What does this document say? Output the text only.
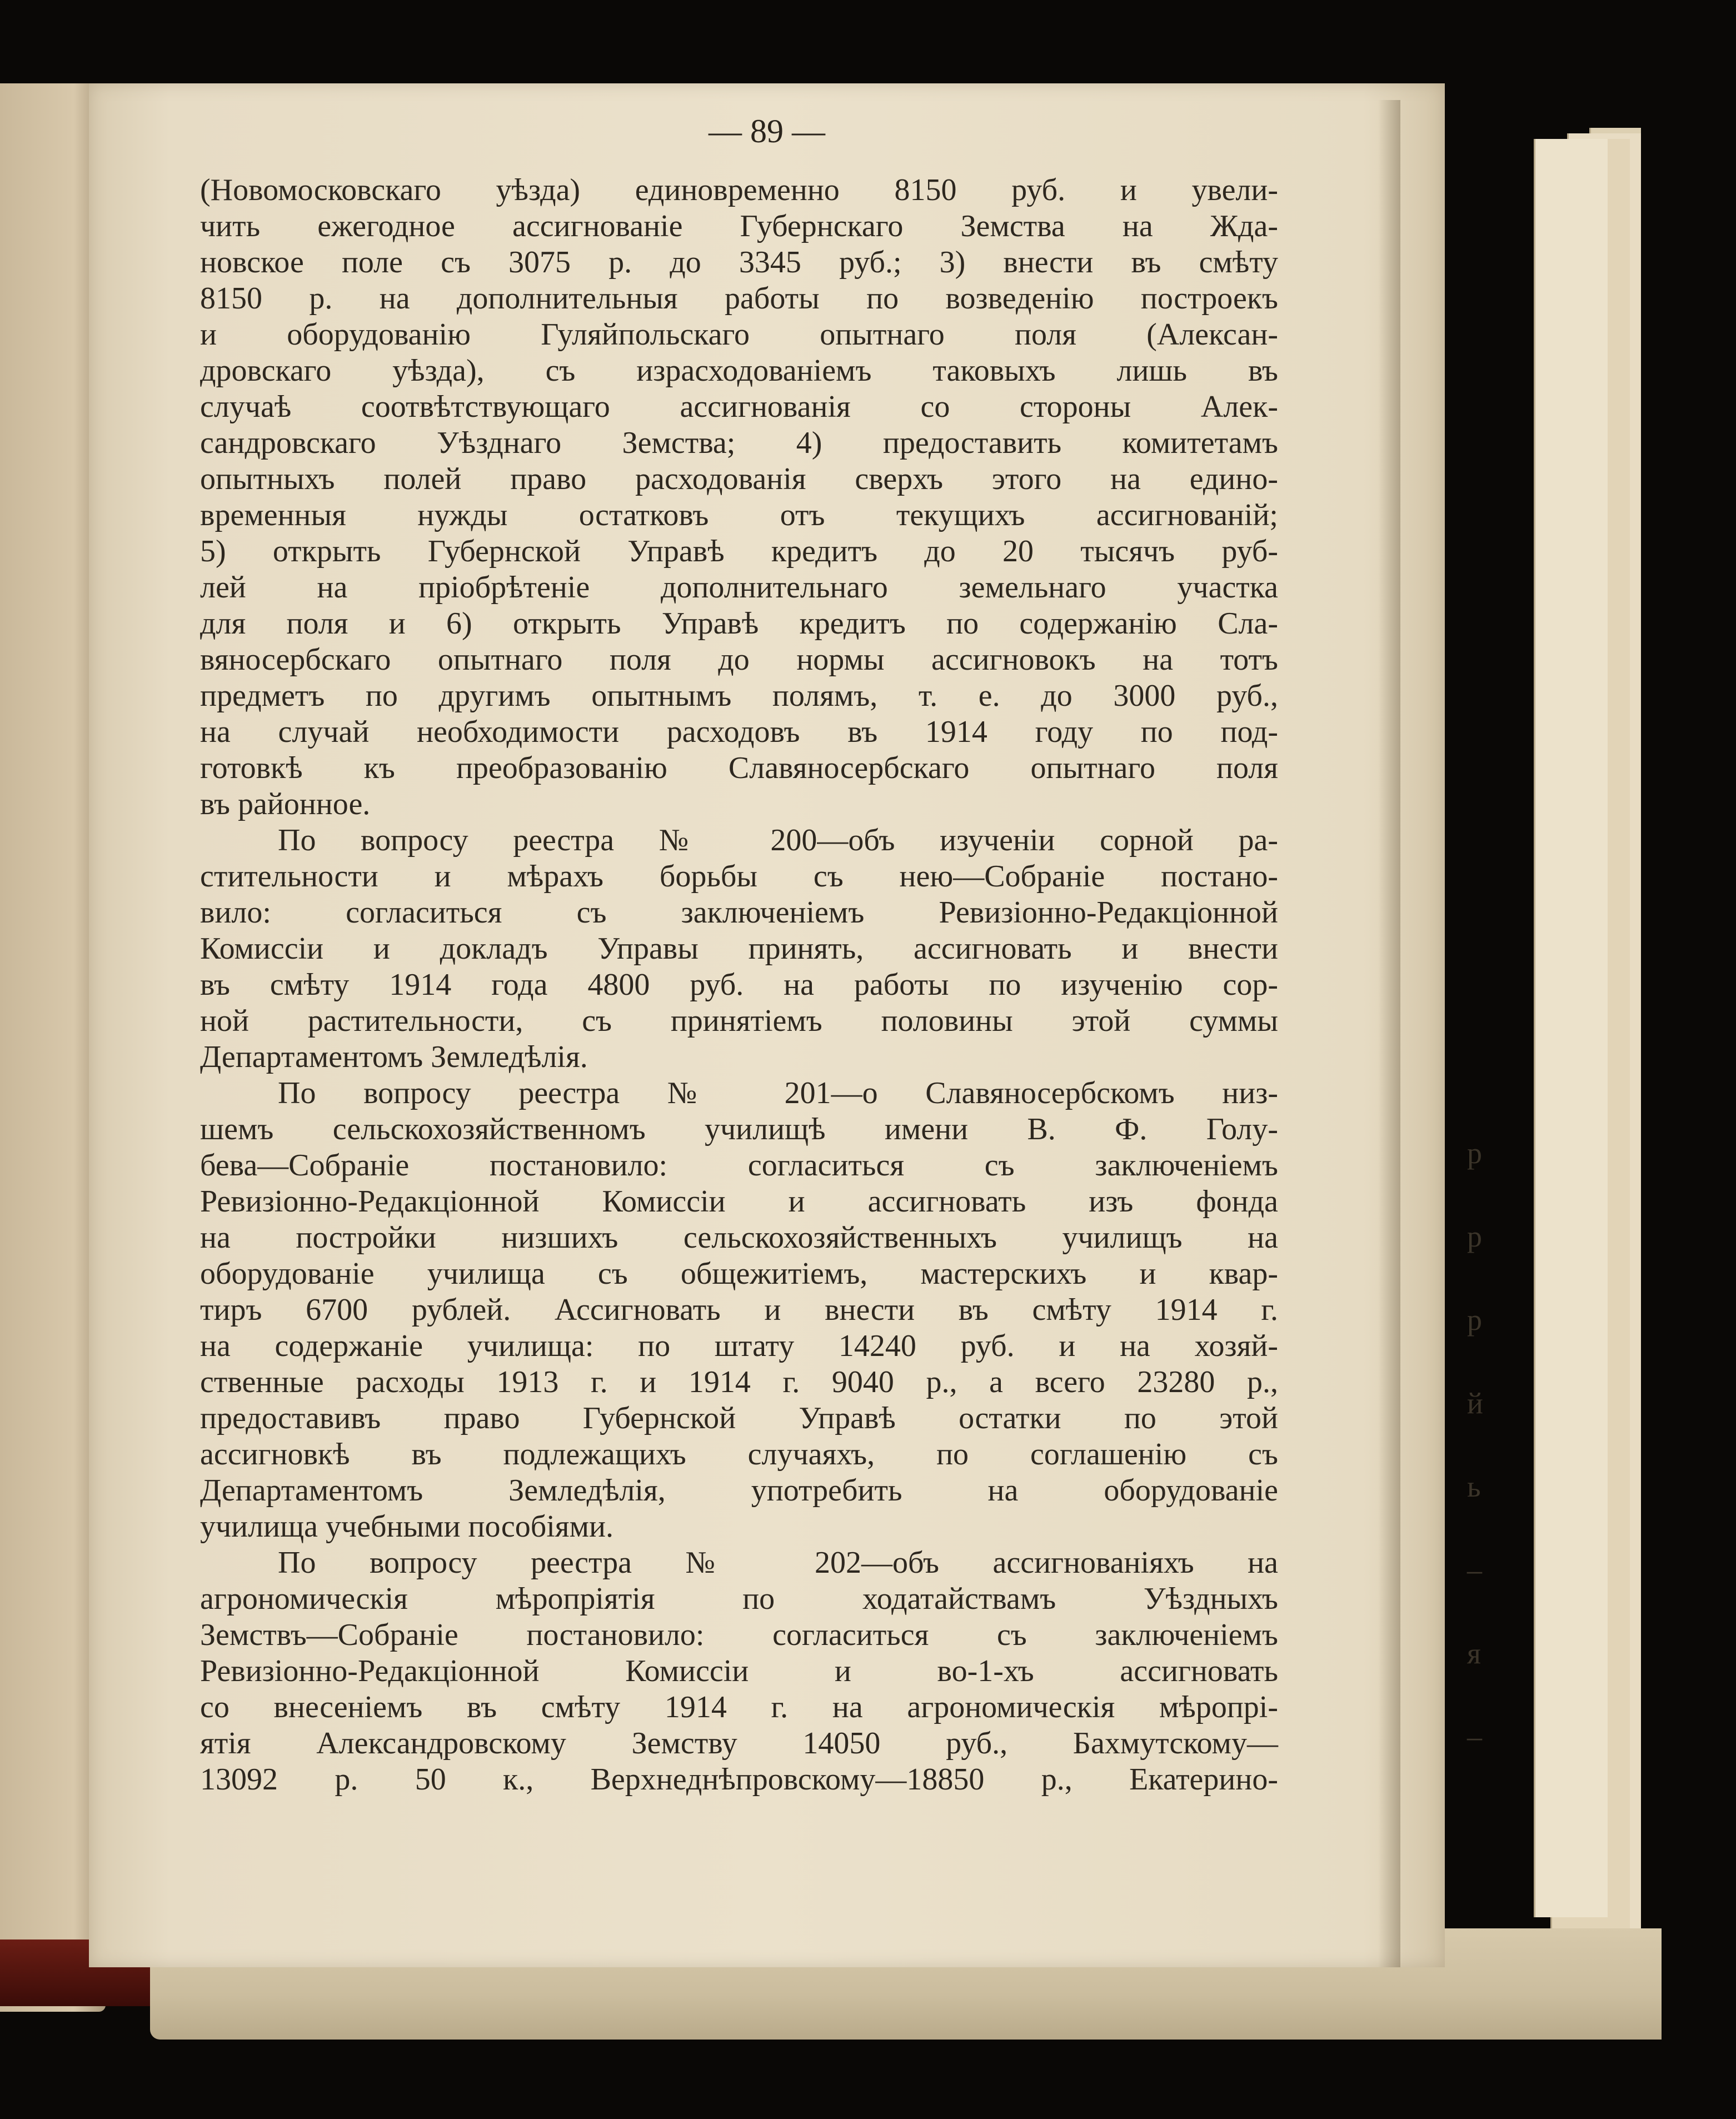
р
р
р
й
ь
–
я
–
— 89 —
(Новомосковскаго уѣзда) единовременно 8150 руб. и увели-
чить ежегодное ассигнованіе Губернскаго Земства на Жда-
новское поле съ 3075 р. до 3345 руб.; 3) внести въ смѣту
8150 р. на дополнительныя работы по возведенію построекъ
и оборудованію Гуляйпольскаго опытнаго поля (Алексан-
дровскаго уѣзда), съ израсходованіемъ таковыхъ лишь въ
случаѣ соотвѣтствующаго ассигнованія со стороны Алек-
сандровскаго Уѣзднаго Земства; 4) предоставить комитетамъ
опытныхъ полей право расходованія сверхъ этого на едино-
временныя нужды остатковъ отъ текущихъ ассигнованій;
5) открыть Губернской Управѣ кредитъ до 20 тысячъ руб-
лей на пріобрѣтеніе дополнительнаго земельнаго участка
для поля и 6) открыть Управѣ кредитъ по содержанію Сла-
вяносербскаго опытнаго поля до нормы ассигновокъ на тотъ
предметъ по другимъ опытнымъ полямъ, т. е. до 3000 руб.,
на случай необходимости расходовъ въ 1914 году по под-
готовкѣ къ преобразованію Славяносербскаго опытнаго поля
въ районное.
По вопросу реестра № 200—объ изученіи сорной ра-
стительности и мѣрахъ борьбы съ нею—Собраніе постано-
вило: согласиться съ заключеніемъ Ревизіонно-Редакціонной
Комиссіи и докладъ Управы принять, ассигновать и внести
въ смѣту 1914 года 4800 руб. на работы по изученію сор-
ной растительности, съ принятіемъ половины этой суммы
Департаментомъ Земледѣлія.
По вопросу реестра № 201—о Славяносербскомъ низ-
шемъ сельскохозяйственномъ училищѣ имени В. Ф. Голу-
бева—Собраніе постановило: согласиться съ заключеніемъ
Ревизіонно-Редакціонной Комиссіи и ассигновать изъ фонда
на постройки низшихъ сельскохозяйственныхъ училищъ на
оборудованіе училища съ общежитіемъ, мастерскихъ и квар-
тиръ 6700 рублей. Ассигновать и внести въ смѣту 1914 г.
на содержаніе училища: по штату 14240 руб. и на хозяй-
ственные расходы 1913 г. и 1914 г. 9040 р., а всего 23280 р.,
предоставивъ право Губернской Управѣ остатки по этой
ассигновкѣ въ подлежащихъ случаяхъ, по соглашенію съ
Департаментомъ Земледѣлія, употребить на оборудованіе
училища учебными пособіями.
По вопросу реестра № 202—объ ассигнованіяхъ на
агрономическія мѣропріятія по ходатайствамъ Уѣздныхъ
Земствъ—Собраніе постановило: согласиться съ заключеніемъ
Ревизіонно-Редакціонной Комиссіи и во-1-хъ ассигновать
со внесеніемъ въ смѣту 1914 г. на агрономическія мѣропрі-
ятія Александровскому Земству 14050 руб., Бахмутскому—
13092 р. 50 к., Верхнеднѣпровскому—18850 р., Екатерино-
